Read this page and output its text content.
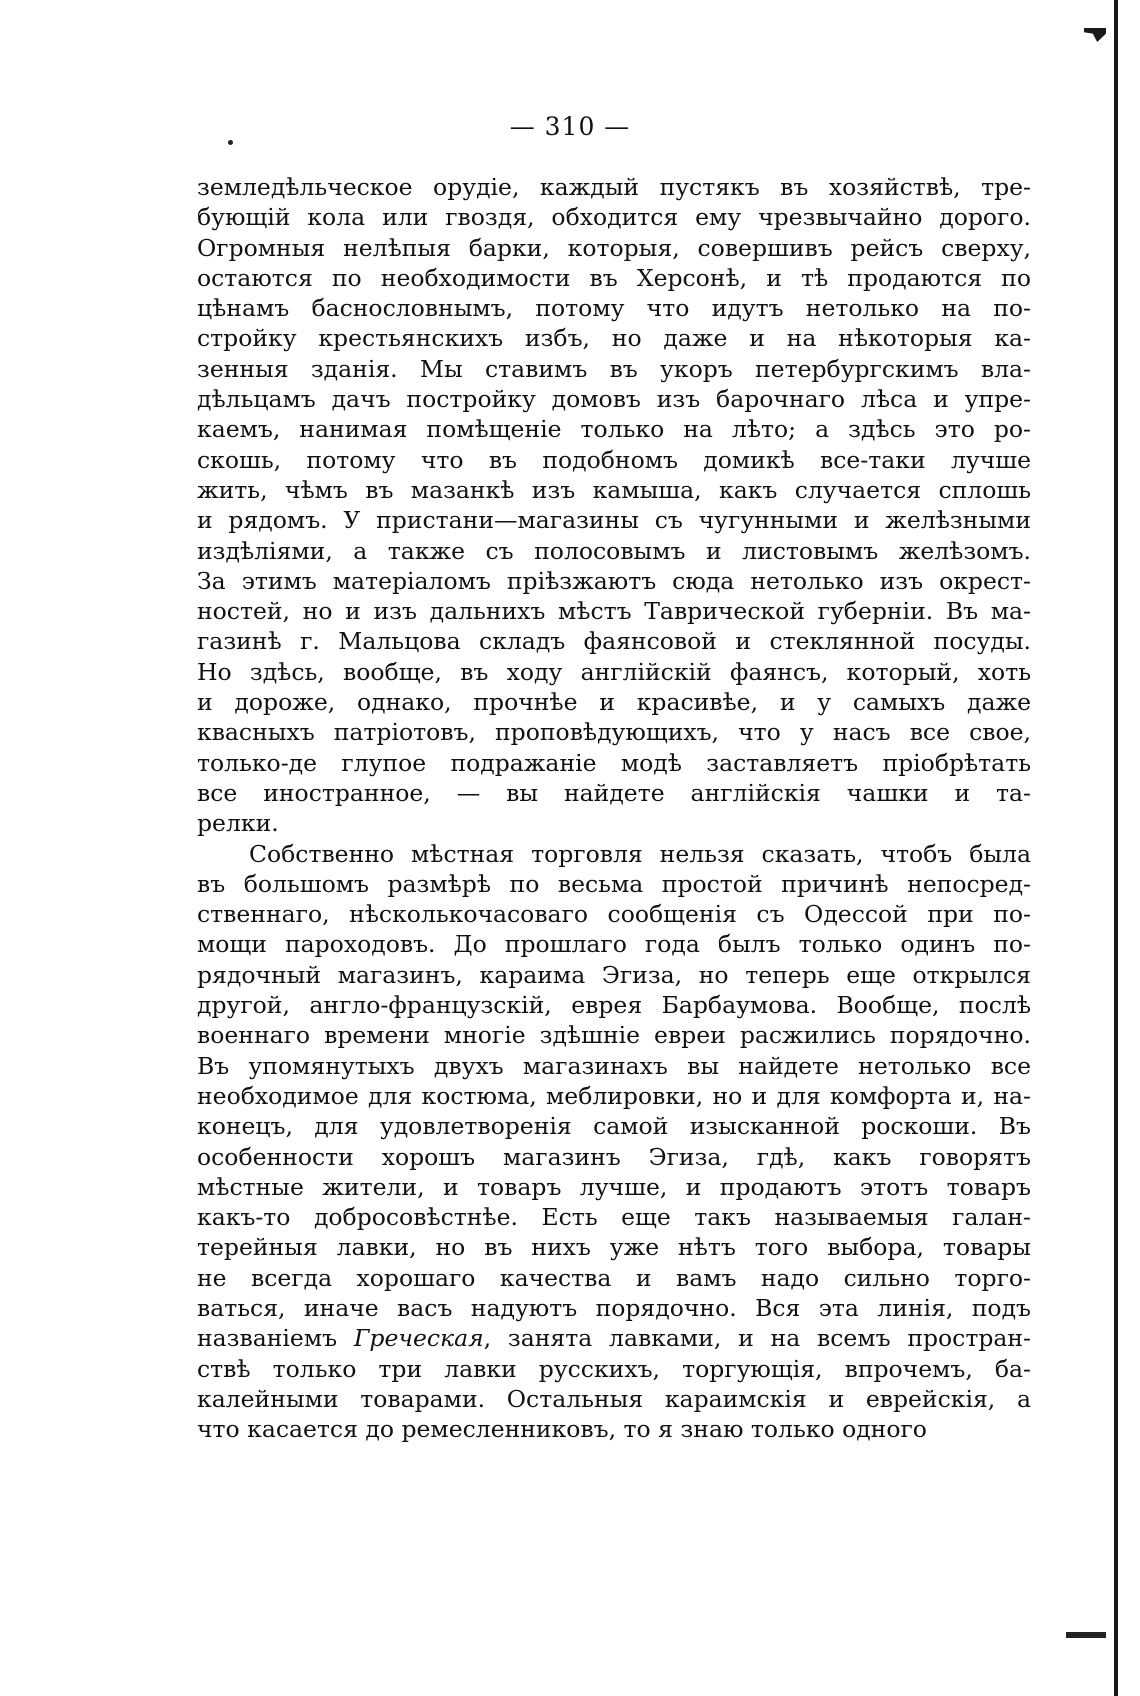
— 310 —
земледѣльческое орудіе, каждый пустякъ въ хозяйствѣ, тре-
бующій кола или гвоздя, обходится ему чрезвычайно дорого.
Огромныя нелѣпыя барки, которыя, совершивъ рейсъ сверху,
остаются по необходимости въ Херсонѣ, и тѣ продаются по
цѣнамъ баснословнымъ, потому что идутъ нетолько на по-
стройку крестьянскихъ избъ, но даже и на нѣкоторыя ка-
зенныя зданія. Мы ставимъ въ укоръ петербургскимъ вла-
дѣльцамъ дачъ постройку домовъ изъ барочнаго лѣса и упре-
каемъ, нанимая помѣщеніе только на лѣто; а здѣсь это ро-
скошь, потому что въ подобномъ домикѣ все-таки лучше
жить, чѣмъ въ мазанкѣ изъ камыша, какъ случается сплошь
и рядомъ. У пристани—магазины съ чугунными и желѣзными
издѣліями, а также съ полосовымъ и листовымъ желѣзомъ.
За этимъ матеріаломъ пріѣзжаютъ сюда нетолько изъ окрест-
ностей, но и изъ дальнихъ мѣстъ Таврической губерніи. Въ ма-
газинѣ г. Мальцова складъ фаянсовой и стеклянной посуды.
Но здѣсь, вообще, въ ходу англійскій фаянсъ, который, хоть
и дороже, однако, прочнѣе и красивѣе, и у самыхъ даже
квасныхъ патріотовъ, проповѣдующихъ, что у насъ все свое,
только-де глупое подражаніе модѣ заставляетъ пріобрѣтать
все иностранное, — вы найдете англійскія чашки и та-
релки.
Собственно мѣстная торговля нельзя сказать, чтобъ была
въ большомъ размѣрѣ по весьма простой причинѣ непосред-
ственнаго, нѣсколькочасоваго сообщенія съ Одессой при по-
мощи пароходовъ. До прошлаго года былъ только одинъ по-
рядочный магазинъ, караима Эгиза, но теперь еще открылся
другой, англо-французскій, еврея Барбаумова. Вообще, послѣ
военнаго времени многіе здѣшніе евреи расжились порядочно.
Въ упомянутыхъ двухъ магазинахъ вы найдете нетолько все
необходимое для костюма, меблировки, но и для комфорта и, на-
конецъ, для удовлетворенія самой изысканной роскоши. Въ
особенности хорошъ магазинъ Эгиза, гдѣ, какъ говорятъ
мѣстные жители, и товаръ лучше, и продаютъ этотъ товаръ
какъ-то добросовѣстнѣе. Есть еще такъ называемыя галан-
терейныя лавки, но въ нихъ уже нѣтъ того выбора, товары
не всегда хорошаго качества и вамъ надо сильно торго-
ваться, иначе васъ надуютъ порядочно. Вся эта линія, подъ
названіемъ Греческая, занята лавками, и на всемъ простран-
ствѣ только три лавки русскихъ, торгующія, впрочемъ, ба-
калейными товарами. Остальныя караимскія и еврейскія, а
что касается до ремесленниковъ, то я знаю только одного
